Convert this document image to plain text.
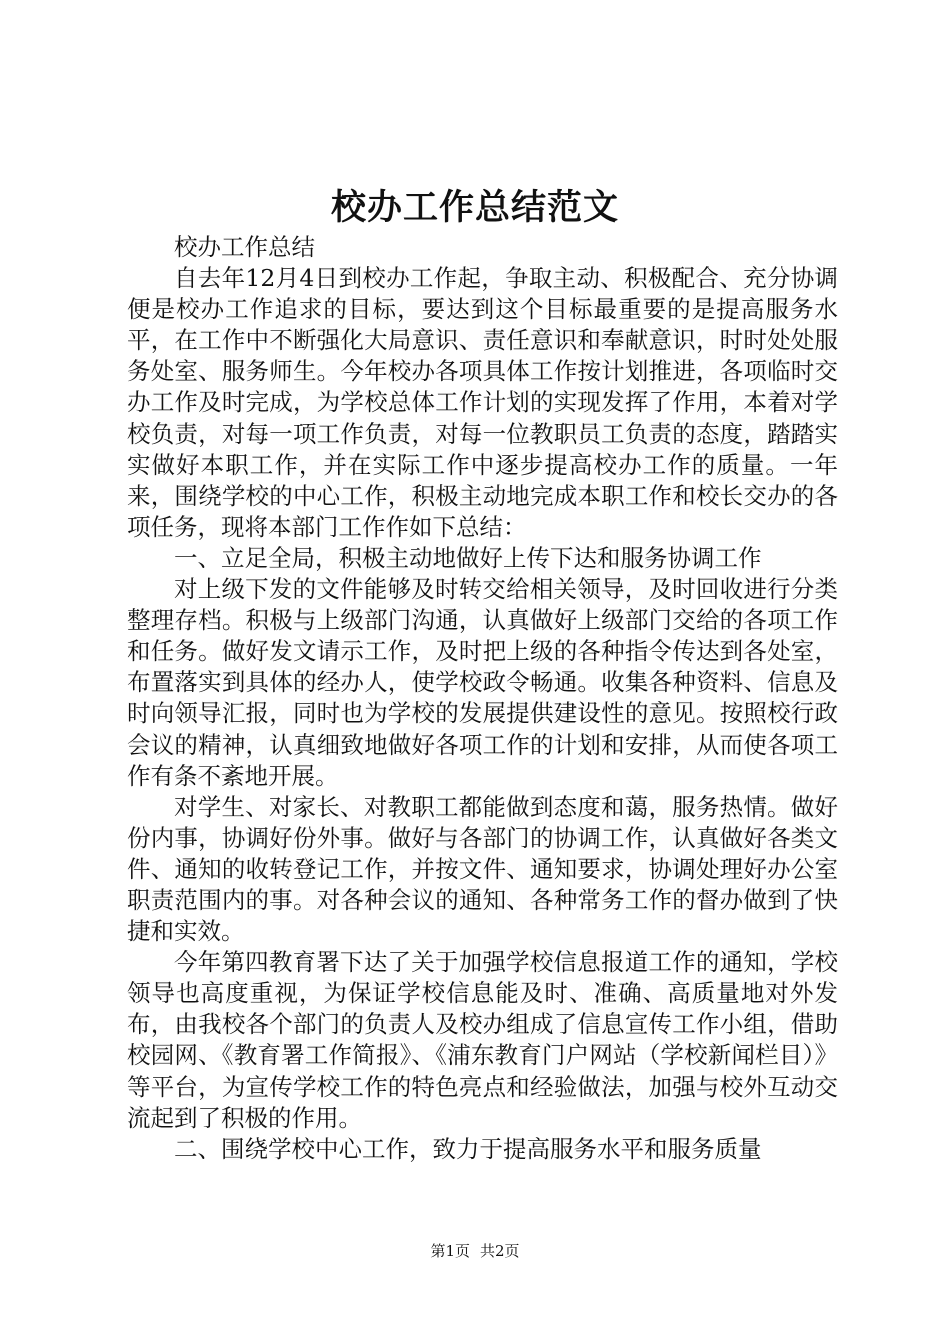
校办工作总结范文

校办工作总结

自去年12月4日到校办工作起，争取主动、积极配合、充分协调便是校办工作追求的目标，要达到这个目标最重要的是提高服务水平，在工作中不断强化大局意识、责任意识和奉献意识，时时处处服务处室、服务师生。今年校办各项具体工作按计划推进，各项临时交办工作及时完成，为学校总体工作计划的实现发挥了作用，本着对学校负责，对每一项工作负责，对每一位教职员工负责的态度，踏踏实实做好本职工作，并在实际工作中逐步提高校办工作的质量。一年来，围绕学校的中心工作，积极主动地完成本职工作和校长交办的各项任务，现将本部门工作作如下总结：

一、立足全局，积极主动地做好上传下达和服务协调工作

对上级下发的文件能够及时转交给相关领导，及时回收进行分类整理存档。积极与上级部门沟通，认真做好上级部门交给的各项工作和任务。做好发文请示工作，及时把上级的各种指令传达到各处室，布置落实到具体的经办人，使学校政令畅通。收集各种资料、信息及时向领导汇报，同时也为学校的发展提供建设性的意见。按照校行政会议的精神，认真细致地做好各项工作的计划和安排，从而使各项工作有条不紊地开展。

对学生、对家长、对教职工都能做到态度和蔼，服务热情。做好份内事，协调好份外事。做好与各部门的协调工作，认真做好各类文件、通知的收转登记工作，并按文件、通知要求，协调处理好办公室职责范围内的事。对各种会议的通知、各种常务工作的督办做到了快捷和实效。

今年第四教育署下达了关于加强学校信息报道工作的通知，学校领导也高度重视，为保证学校信息能及时、准确、高质量地对外发布，由我校各个部门的负责人及校办组成了信息宣传工作小组，借助校园网、《教育署工作简报》、《浦东教育门户网站（学校新闻栏目）》等平台，为宣传学校工作的特色亮点和经验做法，加强与校外互动交流起到了积极的作用。

二、围绕学校中心工作，致力于提高服务水平和服务质量

第1页 共2页
